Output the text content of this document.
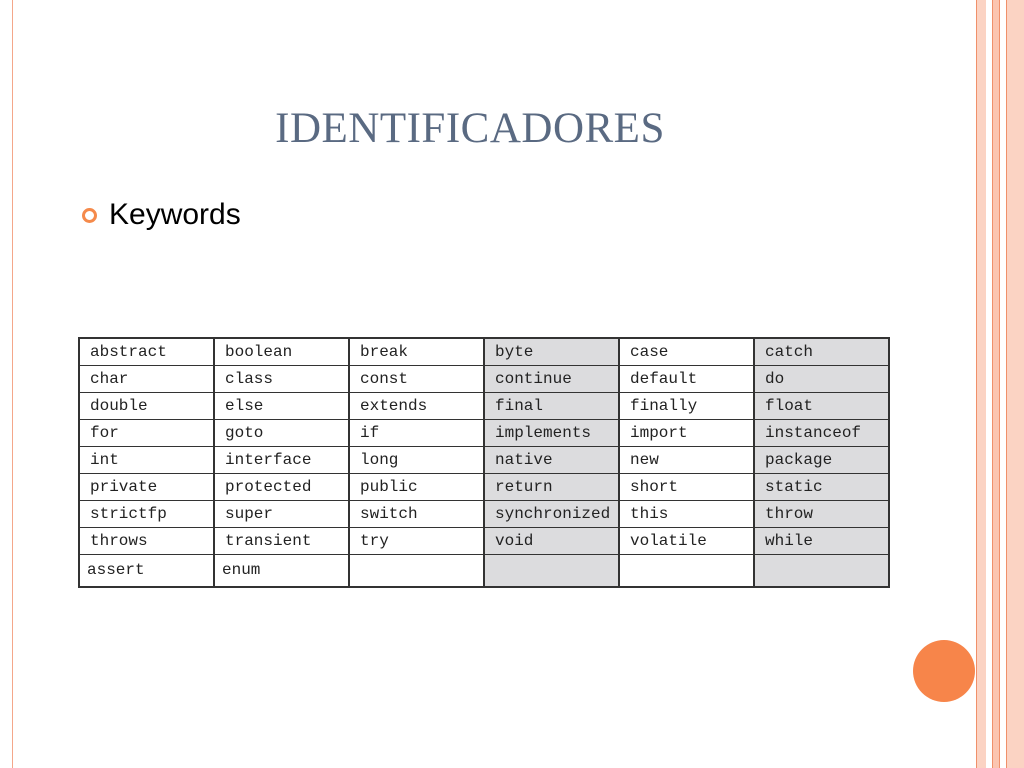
IDENTIFICADORES
Keywords
abstract	boolean	break	byte	case	catch
char	class	const	continue	default	do
double	else	extends	final	finally	float
for	goto	if	implements	import	instanceof
int	interface	long	native	new	package
private	protected	public	return	short	static
strictfp	super	switch	synchronized	this	throw
throws	transient	try	void	volatile	while
assert	enum				
